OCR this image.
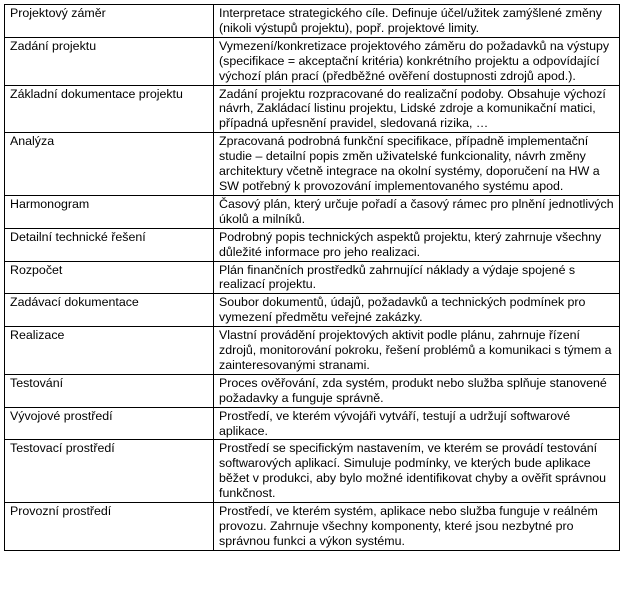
Projektový záměr	Interpretace strategického cíle. Definuje účel/užitek zamýšlené změny (nikoli výstupů projektu), popř. projektové limity.
Zadání projektu	Vymezení/konkretizace projektového záměru do požadavků na výstupy (specifikace = akceptační kritéria) konkrétního projektu a odpovídající výchozí plán prací (předběžné ověření dostupnosti zdrojů apod.).
Základní dokumentace projektu	Zadání projektu rozpracované do realizační podoby. Obsahuje výchozí návrh, Zakládací listinu projektu, Lidské zdroje a komunikační matici, případná upřesnění pravidel, sledovaná rizika, …
Analýza	Zpracovaná podrobná funkční specifikace, případně implementační studie – detailní popis změn uživatelské funkcionality, návrh změny architektury včetně integrace na okolní systémy, doporučení na HW a SW potřebný k provozování implementovaného systému apod.
Harmonogram	Časový plán, který určuje pořadí a časový rámec pro plnění jednotlivých úkolů a milníků.
Detailní technické řešení	Podrobný popis technických aspektů projektu, který zahrnuje všechny důležité informace pro jeho realizaci.
Rozpočet	Plán finančních prostředků zahrnující náklady a výdaje spojené s realizací projektu.
Zadávací dokumentace	Soubor dokumentů, údajů, požadavků a technických podmínek pro vymezení předmětu veřejné zakázky.
Realizace	Vlastní provádění projektových aktivit podle plánu, zahrnuje řízení zdrojů, monitorování pokroku, řešení problémů a komunikaci s týmem a zainteresovanými stranami.
Testování	Proces ověřování, zda systém, produkt nebo služba splňuje stanovené požadavky a funguje správně.
Vývojové prostředí	Prostředí, ve kterém vývojáři vytváří, testují a udržují softwarové aplikace.
Testovací prostředí	Prostředí se specifickým nastavením, ve kterém se provádí testování softwarových aplikací. Simuluje podmínky, ve kterých bude aplikace běžet v produkci, aby bylo možné identifikovat chyby a ověřit správnou funkčnost.
Provozní prostředí	Prostředí, ve kterém systém, aplikace nebo služba funguje v reálném provozu. Zahrnuje všechny komponenty, které jsou nezbytné pro správnou funkci a výkon systému.
